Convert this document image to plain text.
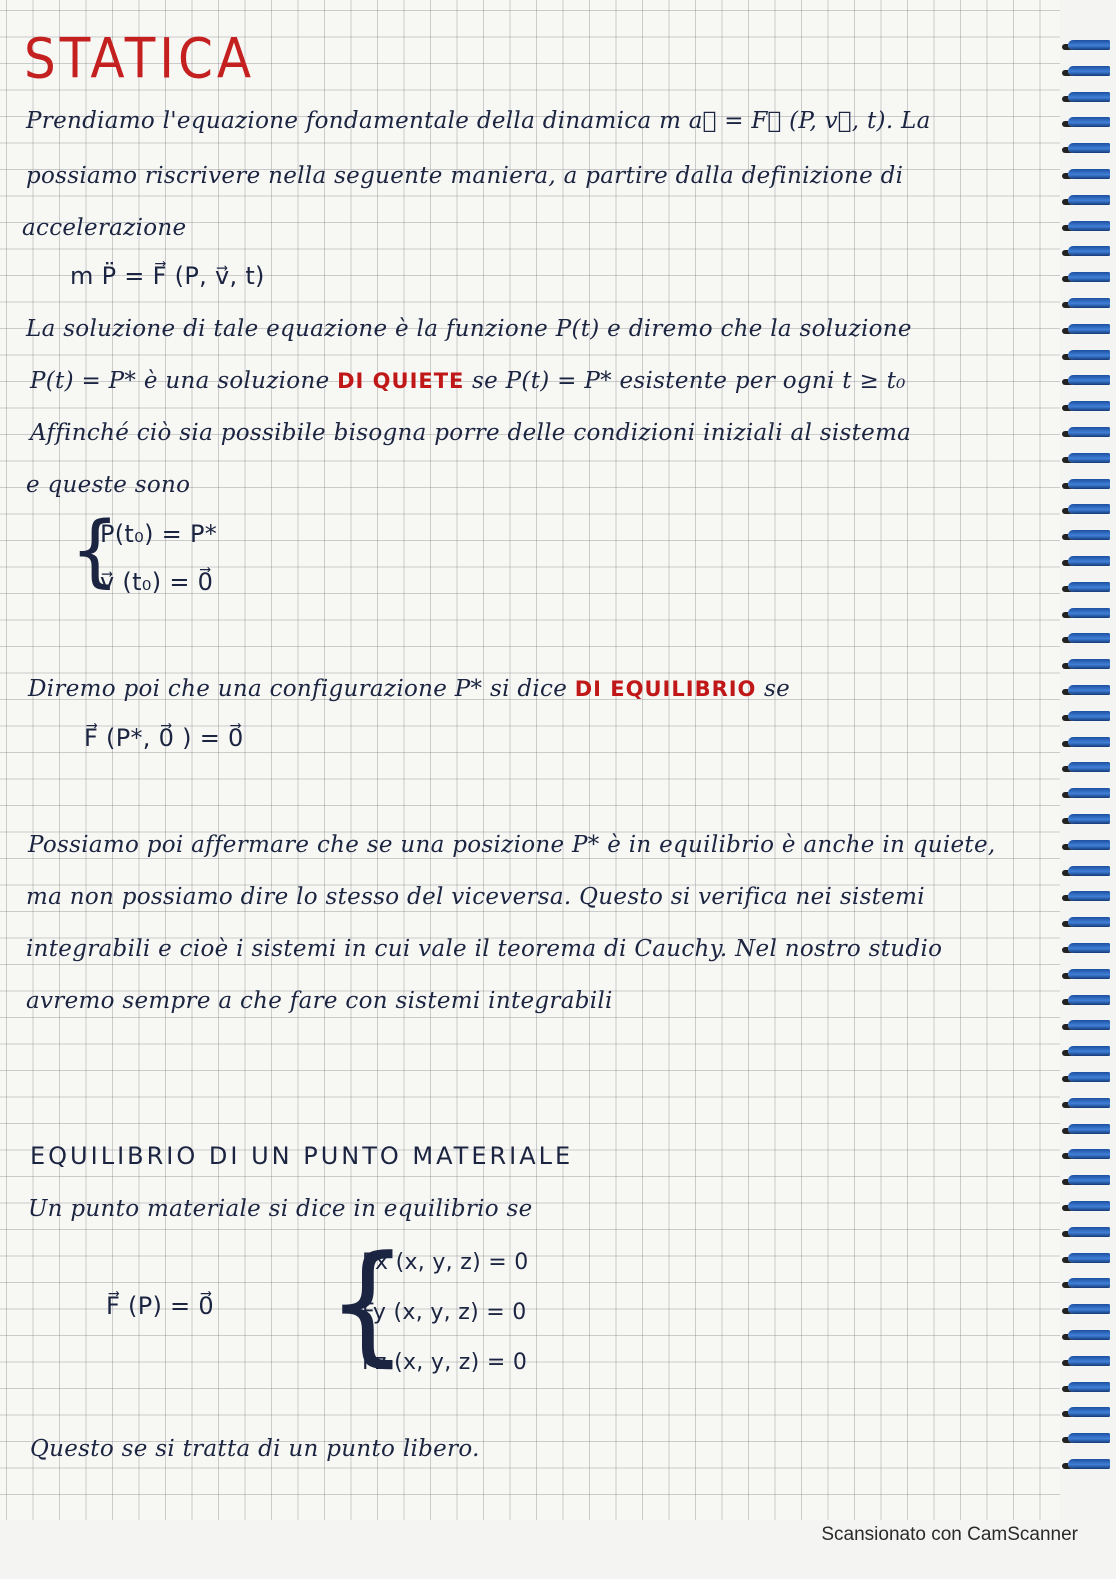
STATICA

Prendiamo l'equazione fondamentale della dinamica m a⃗ = F⃗ (P, v⃗, t). La

possiamo riscrivere nella seguente maniera, a partire dalla definizione di

accelerazione

m P̈ = F⃗ (P, v⃗, t)

La soluzione di tale equazione è la funzione P(t) e diremo che la soluzione

P(t) = P* è una soluzione DI QUIETE se P(t) = P* esistente per ogni t ≥ t₀

Affinché ciò sia possibile bisogna porre delle condizioni iniziali al sistema

e queste sono

{

P(t₀) = P*

v⃗ (t₀) = 0⃗

Diremo poi che una configurazione P* si dice DI EQUILIBRIO se

F⃗ (P*, 0⃗ ) = 0⃗

Possiamo poi affermare che se una posizione P* è in equilibrio è anche in quiete,

ma non possiamo dire lo stesso del viceversa. Questo si verifica nei sistemi

integrabili e cioè i sistemi in cui vale il teorema di Cauchy. Nel nostro studio

avremo sempre a che fare con sistemi integrabili

EQUILIBRIO DI UN PUNTO MATERIALE

Un punto materiale si dice in equilibrio se

F⃗ (P) = 0⃗ {

Fx (x, y, z) = 0

Fy (x, y, z) = 0

Fz (x, y, z) = 0

Questo se si tratta di un punto libero.

Scansionato con CamScanner
